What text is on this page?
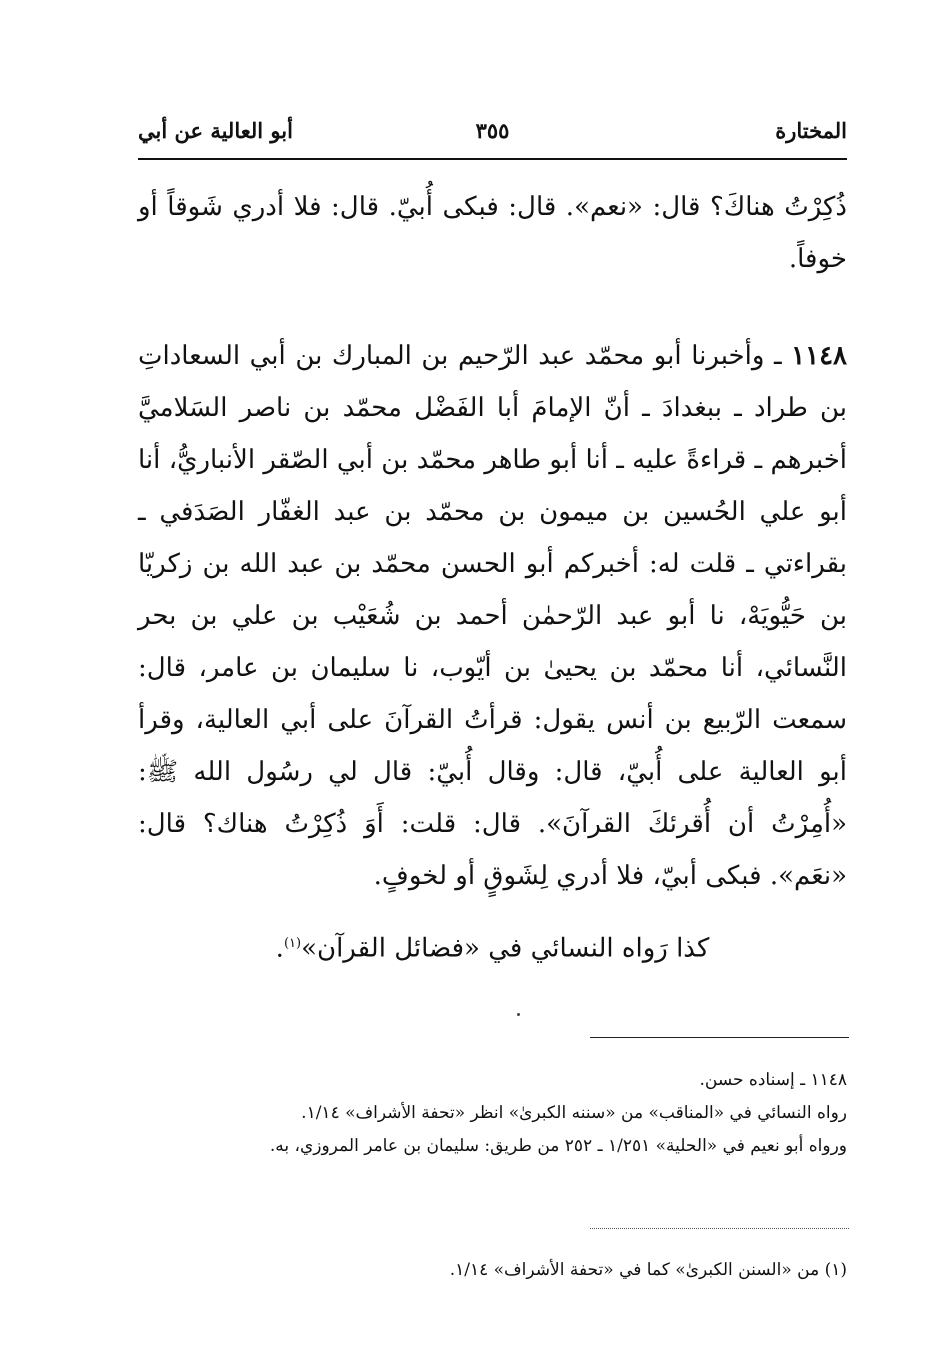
المختارة
٣٥٥
أبو العالية عن أبي
ذُكِرْتُ هناكَ؟ قال: «نعم». قال: فبكى أُبيّ. قال: فلا أدري شَوقاً أو خوفاً.
١١٤٨ ـ وأخبرنا أبو محمّد عبد الرّحيم بن المبارك بن أبي السعاداتِ بن طراد ـ ببغدادَ ـ أنّ الإمامَ أبا الفَضْل محمّد بن ناصر السَلاميَّ أخبرهم ـ قراءةً عليه ـ أنا أبو طاهر محمّد بن أبي الصّقر الأنباريُّ، أنا أبو علي الحُسين بن ميمون بن محمّد بن عبد الغفّار الصَدَفي ـ بقراءتي ـ قلت له: أخبركم أبو الحسن محمّد بن عبد الله بن زكريّا بن حَيُّويَهْ، نا أبو عبد الرّحمٰن أحمد بن شُعَيْب بن علي بن بحر النَّسائي، أنا محمّد بن يحيىٰ بن أيّوب، نا سليمان بن عامر، قال: سمعت الرّبيع بن أنس يقول: قرأتُ القرآنَ على أبي العالية، وقرأ أبو العالية على أُبيّ، قال: وقال أُبيّ: قال لي رسُول الله ﷺ: «أُمِرْتُ أن أُقرئكَ القرآنَ». قال: قلت: أَوَ ذُكِرْتُ هناك؟ قال: «نعَم». فبكى أبيّ، فلا أدري لِشَوقٍ أو لخوفٍ.
كذا رَواه النسائي في «فضائل القرآن»$^{(١)}$.
١١٤٨ ـ إسناده حسن.
رواه النسائي في «المناقب» من «سننه الكبرىٰ» انظر «تحفة الأشراف» ١/١٤.
ورواه أبو نعيم في «الحلية» ١/٢٥١ ـ ٢٥٢ من طريق: سليمان بن عامر المروزي، به.
(١) من «السنن الكبرىٰ» كما في «تحفة الأشراف» ١/١٤.
